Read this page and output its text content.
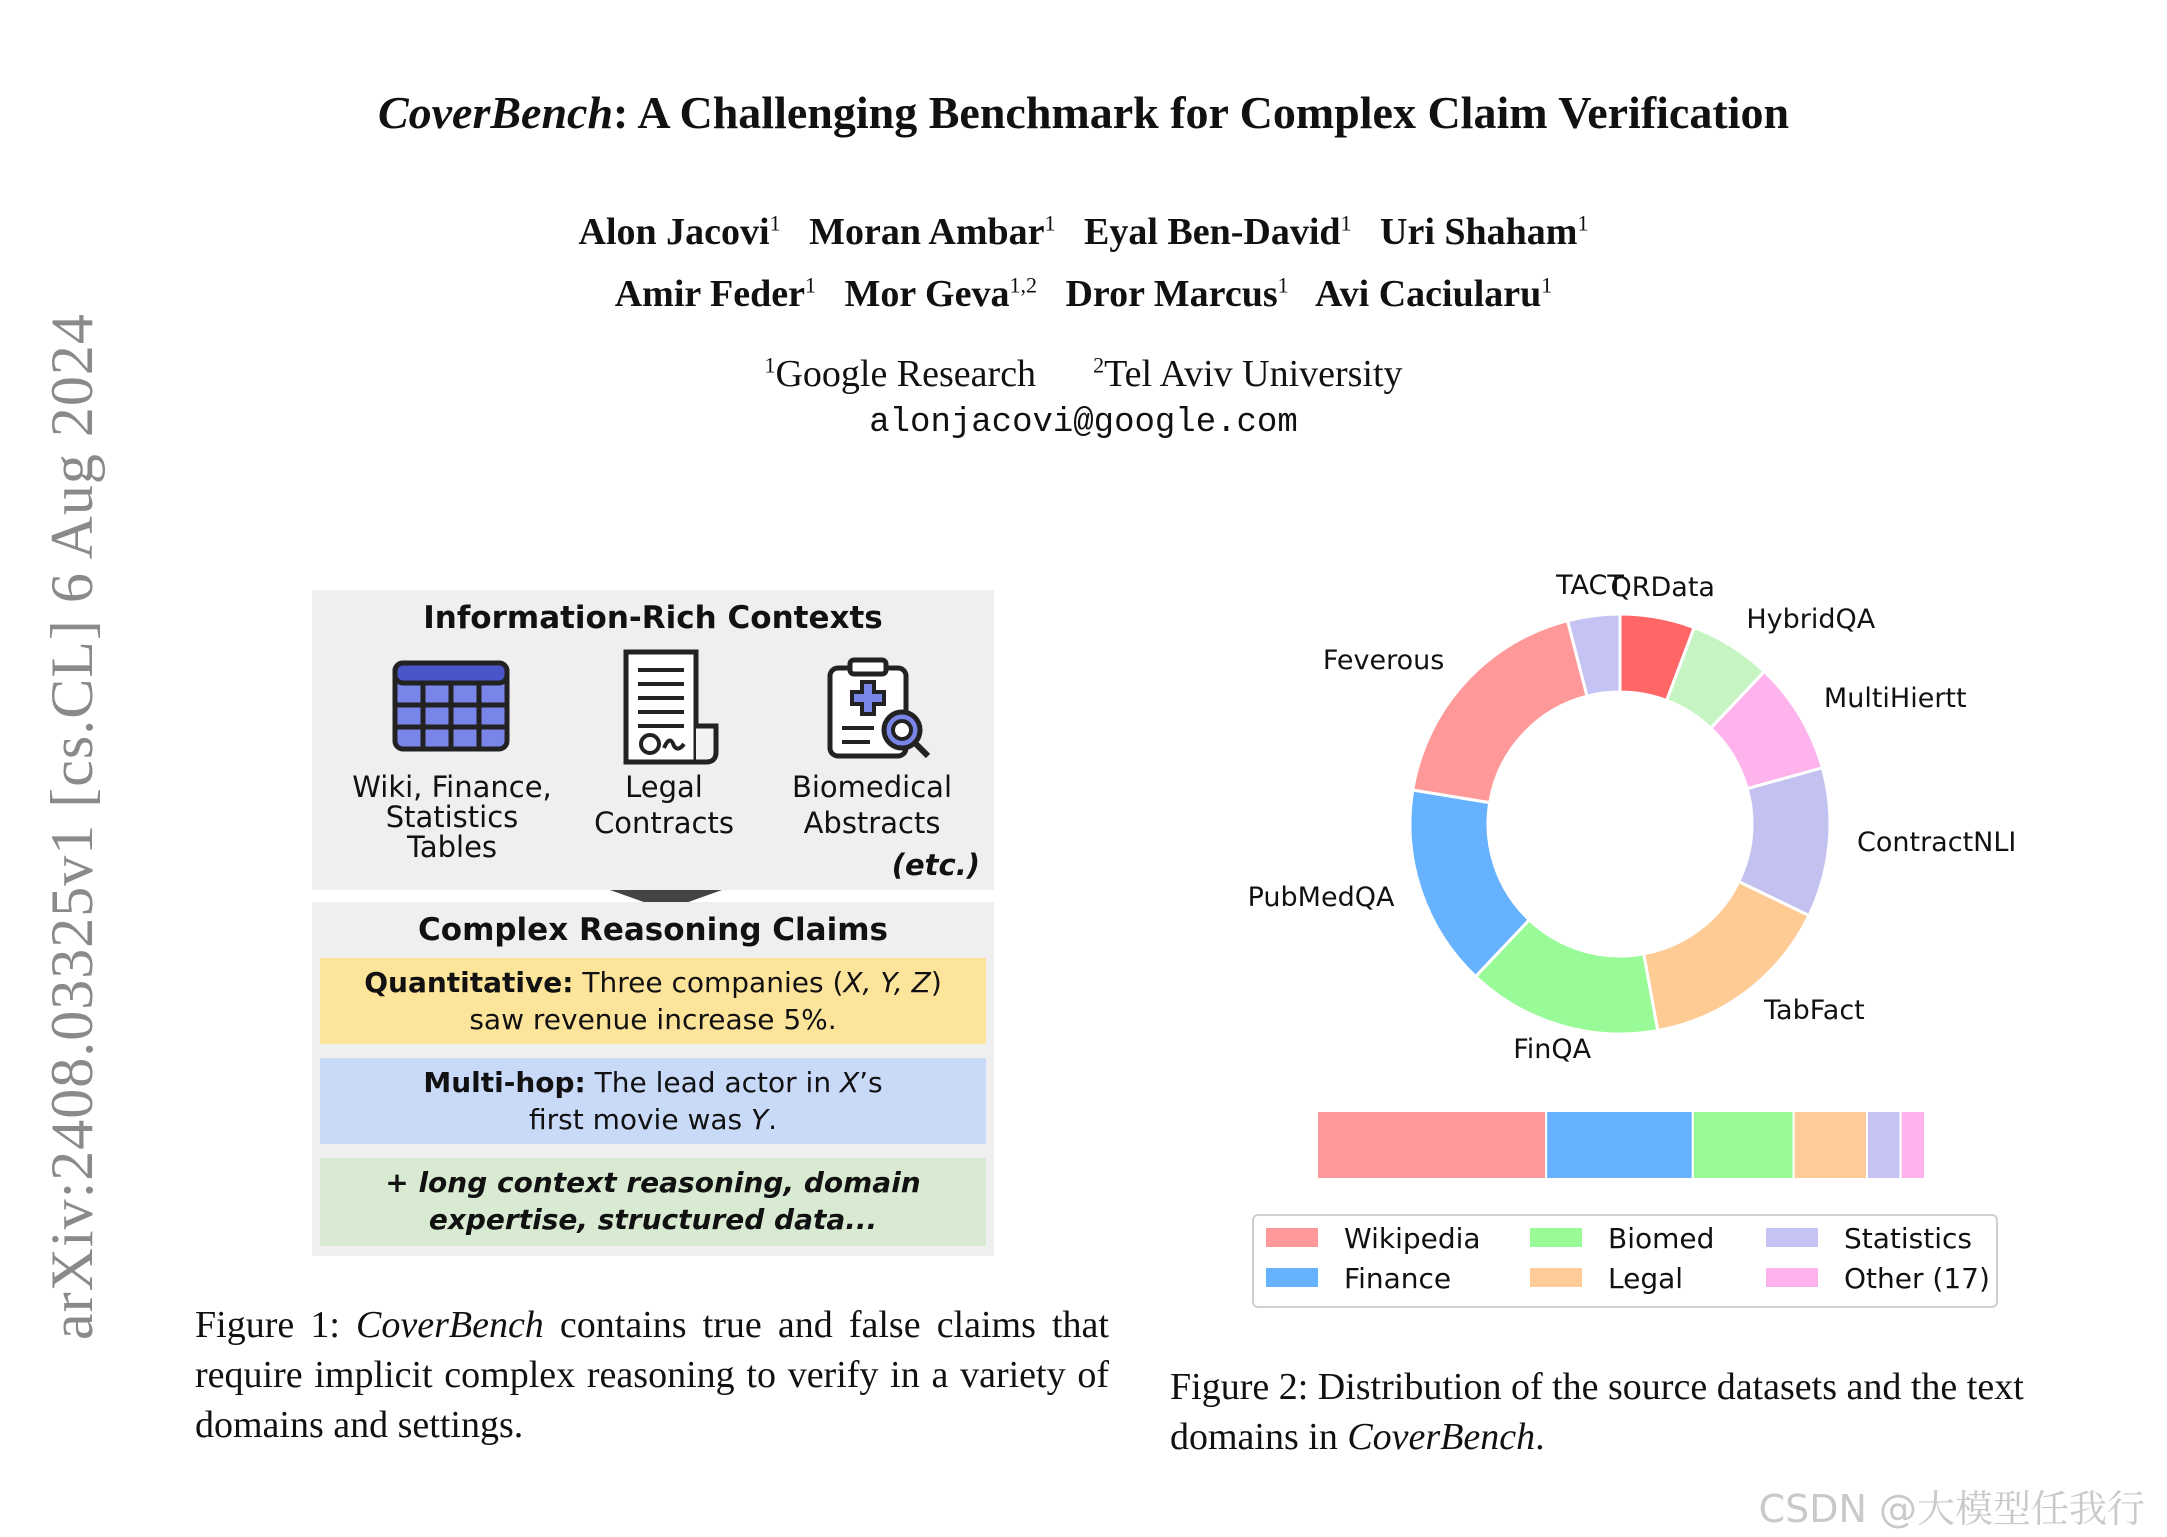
arXiv:2408.03325v1 [cs.CL] 6 Aug 2024
CoverBench: A Challenging Benchmark for Complex Claim Verification
Alon Jacovi$^1$ Moran Ambar$^1$ Eyal Ben-David$^1$ Uri Shaham$^1$
Amir Feder$^1$ Mor Geva$^{1,2}$ Dror Marcus$^1$ Avi Caciularu$^1$
$^1$Google Research	$^2$Tel Aviv University
alonjacovi@google.com
Information-Rich Contexts
Wiki, Finance,
Statistics
Tables
Legal
Contracts
Biomedical
Abstracts
(etc.)
Complex Reasoning Claims
Quantitative: Three companies (X, Y, Z)
saw revenue increase 5%.
Multi-hop: The lead actor in X’s
first movie was Y.
+ long context reasoning, domain
expertise, structured data...
Figure 1: CoverBench contains true and false claims that require implicit complex reasoning to verify in a variety of domains and settings.
TACT
QRData
HybridQA
MultiHiertt
ContractNLI
TabFact
FinQA
PubMedQA
Feverous
Wikipedia
Finance
Biomed
Legal
Statistics
Other (17)
Figure 2: Distribution of the source datasets and the text domains in CoverBench.
CSDN @大模型任我行
